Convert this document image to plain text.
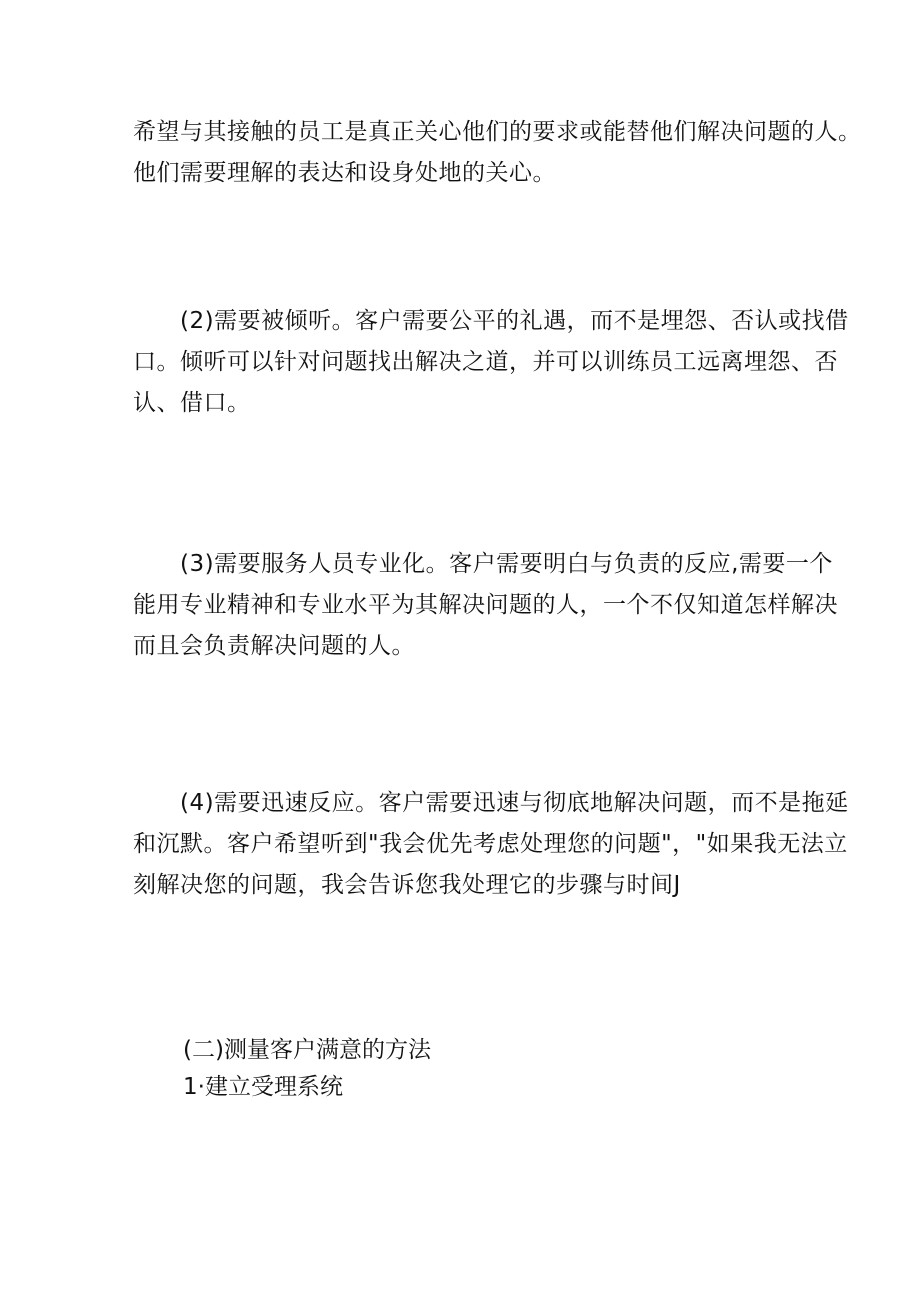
希望与其接触的员工是真正关心他们的要求或能替他们解决问题的人。
他们需要理解的表达和设身处地的关心。

　　(2)需要被倾听。客户需要公平的礼遇，而不是埋怨、否认或找借
口。倾听可以针对问题找出解决之道，并可以训练员工远离埋怨、否
认、借口。

　　(3)需要服务人员专业化。客户需要明白与负责的反应,需要一个
能用专业精神和专业水平为其解决问题的人，一个不仅知道怎样解决
而且会负责解决问题的人。

　　(4)需要迅速反应。客户需要迅速与彻底地解决问题，而不是拖延
和沉默。客户希望听到"我会优先考虑处理您的问题"，"如果我无法立
刻解决您的问题，我会告诉您我处理它的步骤与时间J

(二)测量客户满意的方法
1·建立受理系统
